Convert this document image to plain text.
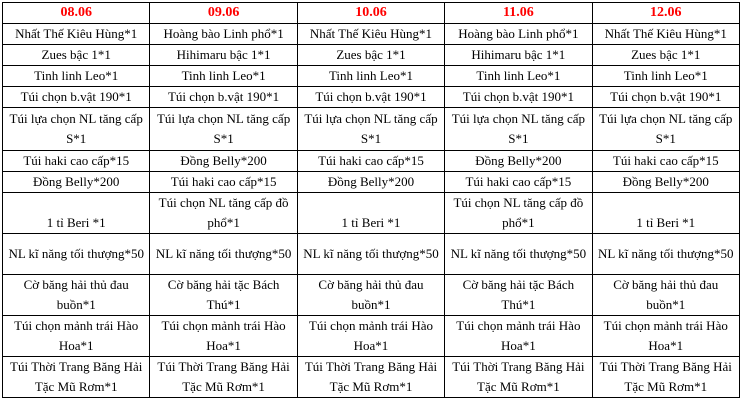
08.06	09.06	10.06	11.06	12.06
Nhất Thế Kiêu Hùng*1	Hoàng bào Linh phổ*1	Nhất Thế Kiêu Hùng*1	Hoàng bào Linh phổ*1	Nhất Thế Kiêu Hùng*1
Zues bậc 1*1	Hihimaru bậc 1*1	Zues bậc 1*1	Hihimaru bậc 1*1	Zues bậc 1*1
Tinh linh Leo*1	Tinh linh Leo*1	Tinh linh Leo*1	Tinh linh Leo*1	Tinh linh Leo*1
Túi chọn b.vật 190*1	Túi chọn b.vật 190*1	Túi chọn b.vật 190*1	Túi chọn b.vật 190*1	Túi chọn b.vật 190*1
Túi lựa chọn NL tăng cấp S*1	Túi lựa chọn NL tăng cấp S*1	Túi lựa chọn NL tăng cấp S*1	Túi lựa chọn NL tăng cấp S*1	Túi lựa chọn NL tăng cấp S*1
Túi haki cao cấp*15	Đồng Belly*200	Túi haki cao cấp*15	Đồng Belly*200	Túi haki cao cấp*15
Đồng Belly*200	Túi haki cao cấp*15	Đồng Belly*200	Túi haki cao cấp*15	Đồng Belly*200
1 tỉ Beri *1	Túi chọn NL tăng cấp đồ phổ*1	1 tỉ Beri *1	Túi chọn NL tăng cấp đồ phổ*1	1 tỉ Beri *1
NL kĩ năng tối thượng*50	NL kĩ năng tối thượng*50	NL kĩ năng tối thượng*50	NL kĩ năng tối thượng*50	NL kĩ năng tối thượng*50
Cờ băng hải thủ đau buồn*1	Cờ băng hải tặc Bách Thú*1	Cờ băng hải thủ đau buồn*1	Cờ băng hải tặc Bách Thú*1	Cờ băng hải thủ đau buồn*1
Túi chọn mảnh trái Hào Hoa*1	Túi chọn mảnh trái Hào Hoa*1	Túi chọn mảnh trái Hào Hoa*1	Túi chọn mảnh trái Hào Hoa*1	Túi chọn mảnh trái Hào Hoa*1
Túi Thời Trang Băng Hải Tặc Mũ Rơm*1	Túi Thời Trang Băng Hải Tặc Mũ Rơm*1	Túi Thời Trang Băng Hải Tặc Mũ Rơm*1	Túi Thời Trang Băng Hải Tặc Mũ Rơm*1	Túi Thời Trang Băng Hải Tặc Mũ Rơm*1
